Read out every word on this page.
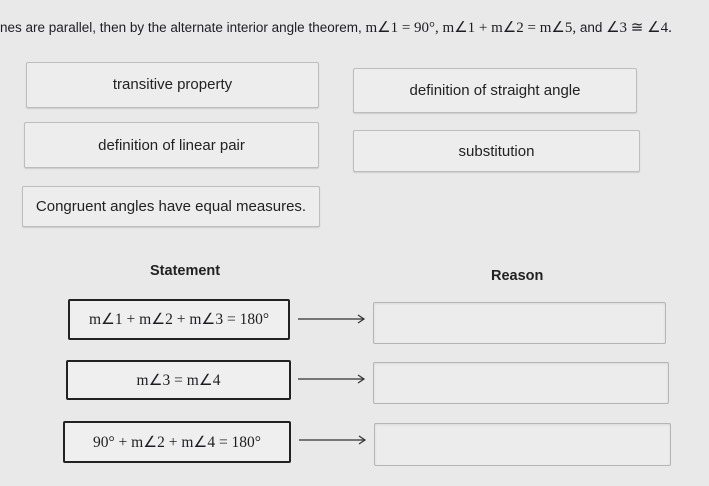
nes are parallel, then by the alternate interior angle theorem, m∠1 = 90°, m∠1 + m∠2 = m∠5, and ∠3 ≅ ∠4.
transitive property	definition of straight angle
definition of linear pair	substitution
Congruent angles have equal measures.
Statement	Reason
m∠1 + m∠2 + m∠3 = 180°
m∠3 = m∠4
90° + m∠2 + m∠4 = 180°
